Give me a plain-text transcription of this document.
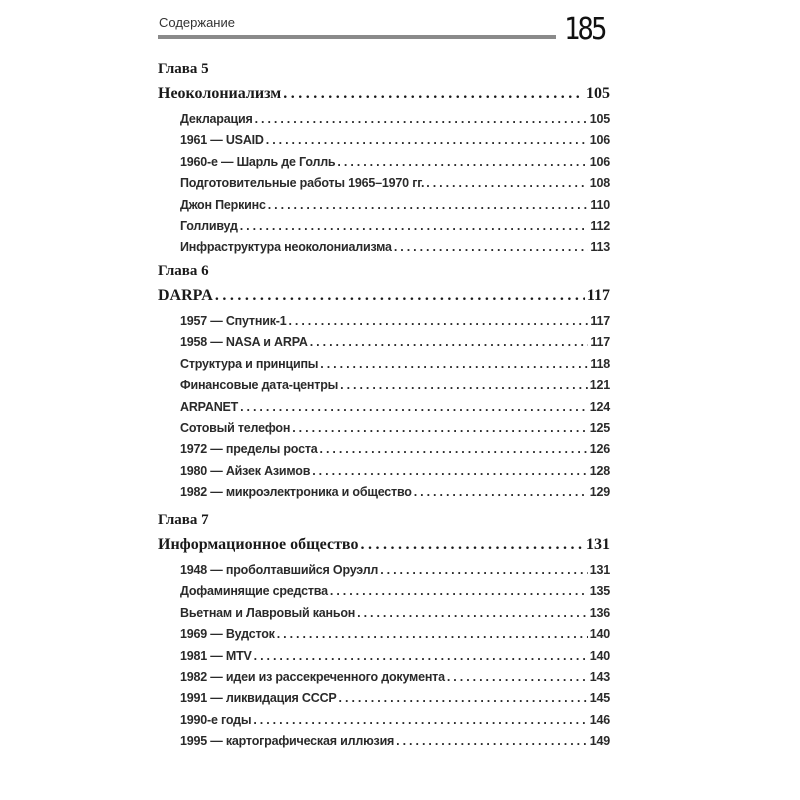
Содержание	185
Глава 5
Неоколониализм . . .	105
Декларация . . .	105
1961 — USAID . . .	106
1960-е — Шарль де Голль . . .	106
Подготовительные работы 1965–1970 гг. . . .	108
Джон Перкинс . . .	110
Голливуд . . .	112
Инфраструктура неоколониализма . . .	113
Глава 6
DARPA . . .	117
1957 — Спутник-1 . . .	117
1958 — NASA и ARPA . . .	117
Структура и принципы . . .	118
Финансовые дата-центры . . .	121
ARPANET . . .	124
Сотовый телефон . . .	125
1972 — пределы роста . . .	126
1980 — Айзек Азимов . . .	128
1982 — микроэлектроника и общество . . .	129
Глава 7
Информационное общество . . .	131
1948 — проболтавшийся Оруэлл . . .	131
Дофаминящие средства . . .	135
Вьетнам и Лавровый каньон . . .	136
1969 — Вудсток . . .	140
1981 — MTV . . .	140
1982 — идеи из рассекреченного документа . . .	143
1991 — ликвидация СССР . . .	145
1990-е годы . . .	146
1995 — картографическая иллюзия . . .	149
